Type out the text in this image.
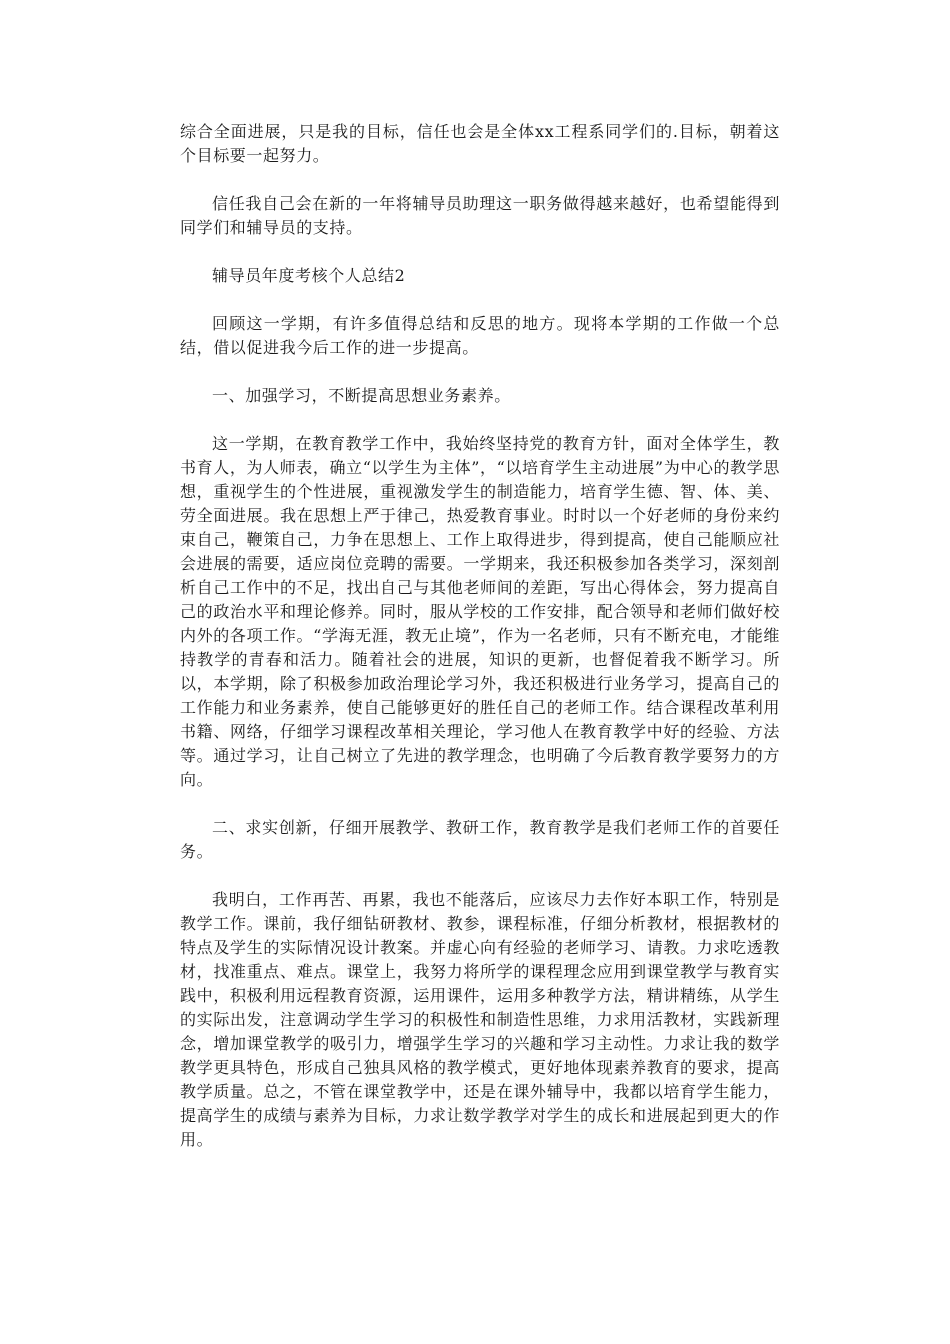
综合全面进展，只是我的目标，信任也会是全体xx工程系同学们的.目标，朝着这个目标要一起努力。

信任我自己会在新的一年将辅导员助理这一职务做得越来越好，也希望能得到同学们和辅导员的支持。

辅导员年度考核个人总结2

回顾这一学期，有许多值得总结和反思的地方。现将本学期的工作做一个总结，借以促进我今后工作的进一步提高。

一、加强学习，不断提高思想业务素养。

这一学期，在教育教学工作中，我始终坚持党的教育方针，面对全体学生，教书育人，为人师表，确立“以学生为主体”，“以培育学生主动进展”为中心的教学思想，重视学生的个性进展，重视激发学生的制造能力，培育学生德、智、体、美、劳全面进展。我在思想上严于律己，热爱教育事业。时时以一个好老师的身份来约束自己，鞭策自己，力争在思想上、工作上取得进步，得到提高，使自己能顺应社会进展的需要，适应岗位竞聘的需要。一学期来，我还积极参加各类学习，深刻剖析自己工作中的不足，找出自己与其他老师间的差距，写出心得体会，努力提高自己的政治水平和理论修养。同时，服从学校的工作安排，配合领导和老师们做好校内外的各项工作。“学海无涯，教无止境”，作为一名老师，只有不断充电，才能维持教学的青春和活力。随着社会的进展，知识的更新，也督促着我不断学习。所以，本学期，除了积极参加政治理论学习外，我还积极进行业务学习，提高自己的工作能力和业务素养，使自己能够更好的胜任自己的老师工作。结合课程改革利用书籍、网络，仔细学习课程改革相关理论，学习他人在教育教学中好的经验、方法等。通过学习，让自己树立了先进的教学理念，也明确了今后教育教学要努力的方向。

二、求实创新，仔细开展教学、教研工作，教育教学是我们老师工作的首要任务。

我明白，工作再苦、再累，我也不能落后，应该尽力去作好本职工作，特别是教学工作。课前，我仔细钻研教材、教参，课程标准，仔细分析教材，根据教材的特点及学生的实际情况设计教案。并虚心向有经验的老师学习、请教。力求吃透教材，找准重点、难点。课堂上，我努力将所学的课程理念应用到课堂教学与教育实践中，积极利用远程教育资源，运用课件，运用多种教学方法，精讲精练，从学生的实际出发，注意调动学生学习的积极性和制造性思维，力求用活教材，实践新理念，增加课堂教学的吸引力，增强学生学习的兴趣和学习主动性。力求让我的数学教学更具特色，形成自己独具风格的教学模式，更好地体现素养教育的要求，提高教学质量。总之，不管在课堂教学中，还是在课外辅导中，我都以培育学生能力，提高学生的成绩与素养为目标，力求让数学教学对学生的成长和进展起到更大的作用。
